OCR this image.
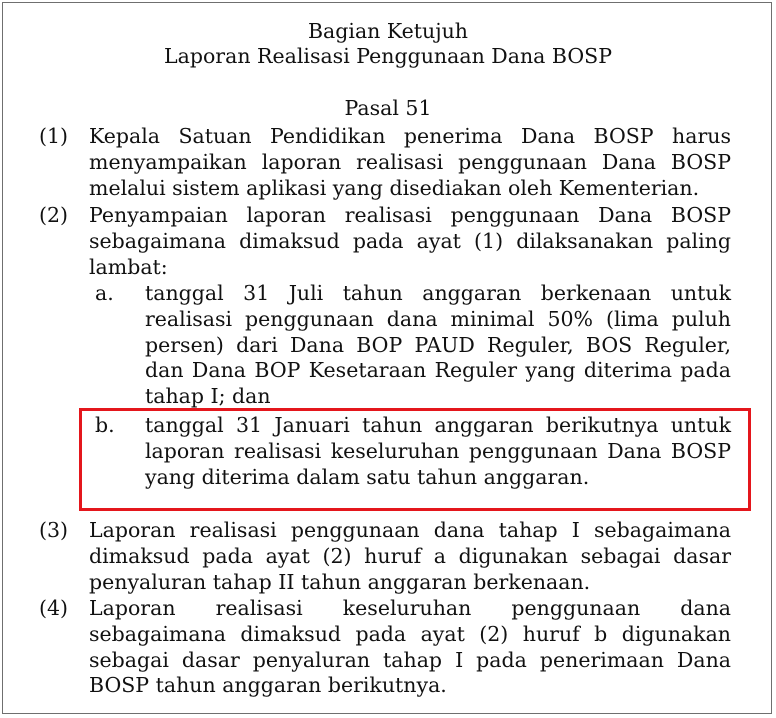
Bagian Ketujuh
Laporan Realisasi Penggunaan Dana BOSP
Pasal 51
(1) Kepala Satuan Pendidikan penerima Dana BOSP harus menyampaikan laporan realisasi penggunaan Dana BOSP melalui sistem aplikasi yang disediakan oleh Kementerian.
(2) Penyampaian laporan realisasi penggunaan Dana BOSP sebagaimana dimaksud pada ayat (1) dilaksanakan paling lambat:
a. tanggal 31 Juli tahun anggaran berkenaan untuk realisasi penggunaan dana minimal 50% (lima puluh persen) dari Dana BOP PAUD Reguler, BOS Reguler, dan Dana BOP Kesetaraan Reguler yang diterima pada tahap I; dan
b. tanggal 31 Januari tahun anggaran berikutnya untuk laporan realisasi keseluruhan penggunaan Dana BOSP yang diterima dalam satu tahun anggaran.
(3) Laporan realisasi penggunaan dana tahap I sebagaimana dimaksud pada ayat (2) huruf a digunakan sebagai dasar penyaluran tahap II tahun anggaran berkenaan.
(4) Laporan realisasi keseluruhan penggunaan dana sebagaimana dimaksud pada ayat (2) huruf b digunakan sebagai dasar penyaluran tahap I pada penerimaan Dana BOSP tahun anggaran berikutnya.
